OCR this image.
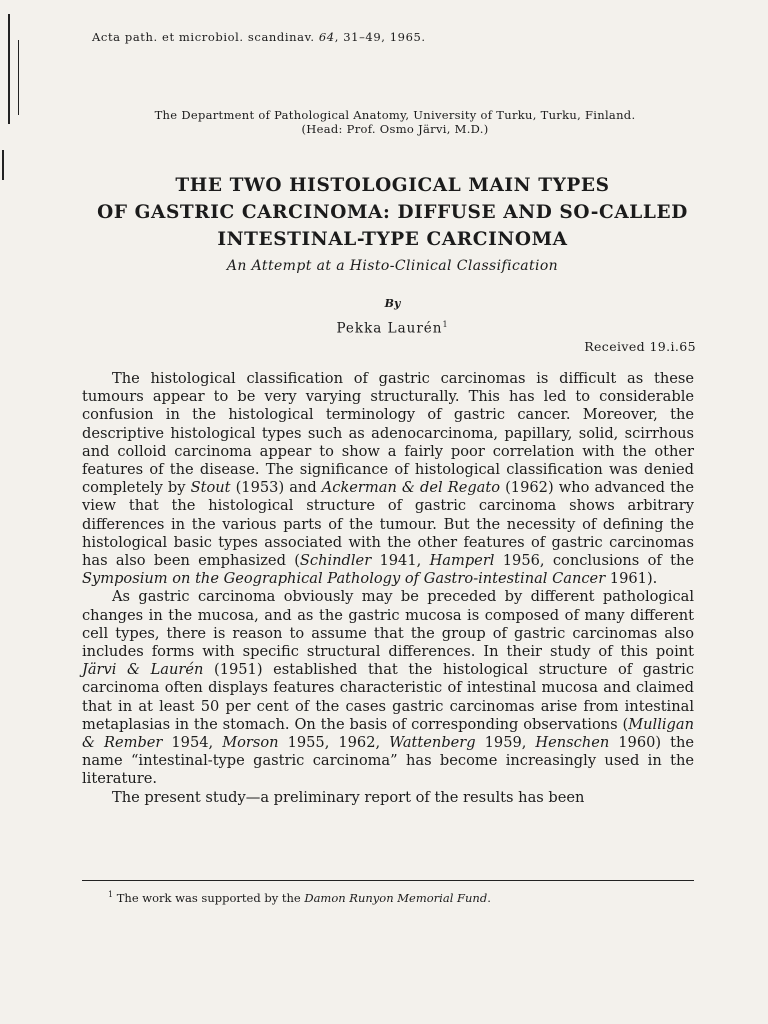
Acta path. et microbiol. scandinav. 64, 31–49, 1965.
The Department of Pathological Anatomy, University of Turku, Turku, Finland.
(Head: Prof. Osmo Järvi, M.D.)
THE TWO HISTOLOGICAL MAIN TYPES
OF GASTRIC CARCINOMA: DIFFUSE AND SO-CALLED
INTESTINAL-TYPE CARCINOMA
An Attempt at a Histo-Clinical Classification
By
Pekka Laurén$^1$
Received 19.i.65

The histological classification of gastric carcinomas is difficult as these tumours appear to be very varying structurally. This has led to considerable confusion in the histological terminology of gastric cancer. Moreover, the descriptive histological types such as adenocarcinoma, papillary, solid, scirrhous and colloid carcinoma appear to show a fairly poor correlation with the other features of the disease. The significance of histological classification was denied completely by Stout (1953) and Ackerman & del Regato (1962) who advanced the view that the histological structure of gastric carcinoma shows arbitrary differences in the various parts of the tumour. But the necessity of defining the histological basic types associated with the other features of gastric carcinomas has also been emphasized (Schindler 1941, Hamperl 1956, conclusions of the Symposium on the Geographical Pathology of Gastro-intestinal Cancer 1961).

As gastric carcinoma obviously may be preceded by different pathological changes in the mucosa, and as the gastric mucosa is composed of many different cell types, there is reason to assume that the group of gastric carcinomas also includes forms with specific structural differences. In their study of this point Järvi & Laurén (1951) established that the histological structure of gastric carcinoma often displays features characteristic of intestinal mucosa and claimed that in at least 50 per cent of the cases gastric carcinomas arise from intestinal metaplasias in the stomach. On the basis of corresponding observations (Mulligan & Rember 1954, Morson 1955, 1962, Wattenberg 1959, Henschen 1960) the name “intestinal-type gastric carcinoma” has become increasingly used in the literature.

The present study—a preliminary report of the results has been

$^1$ The work was supported by the Damon Runyon Memorial Fund.
